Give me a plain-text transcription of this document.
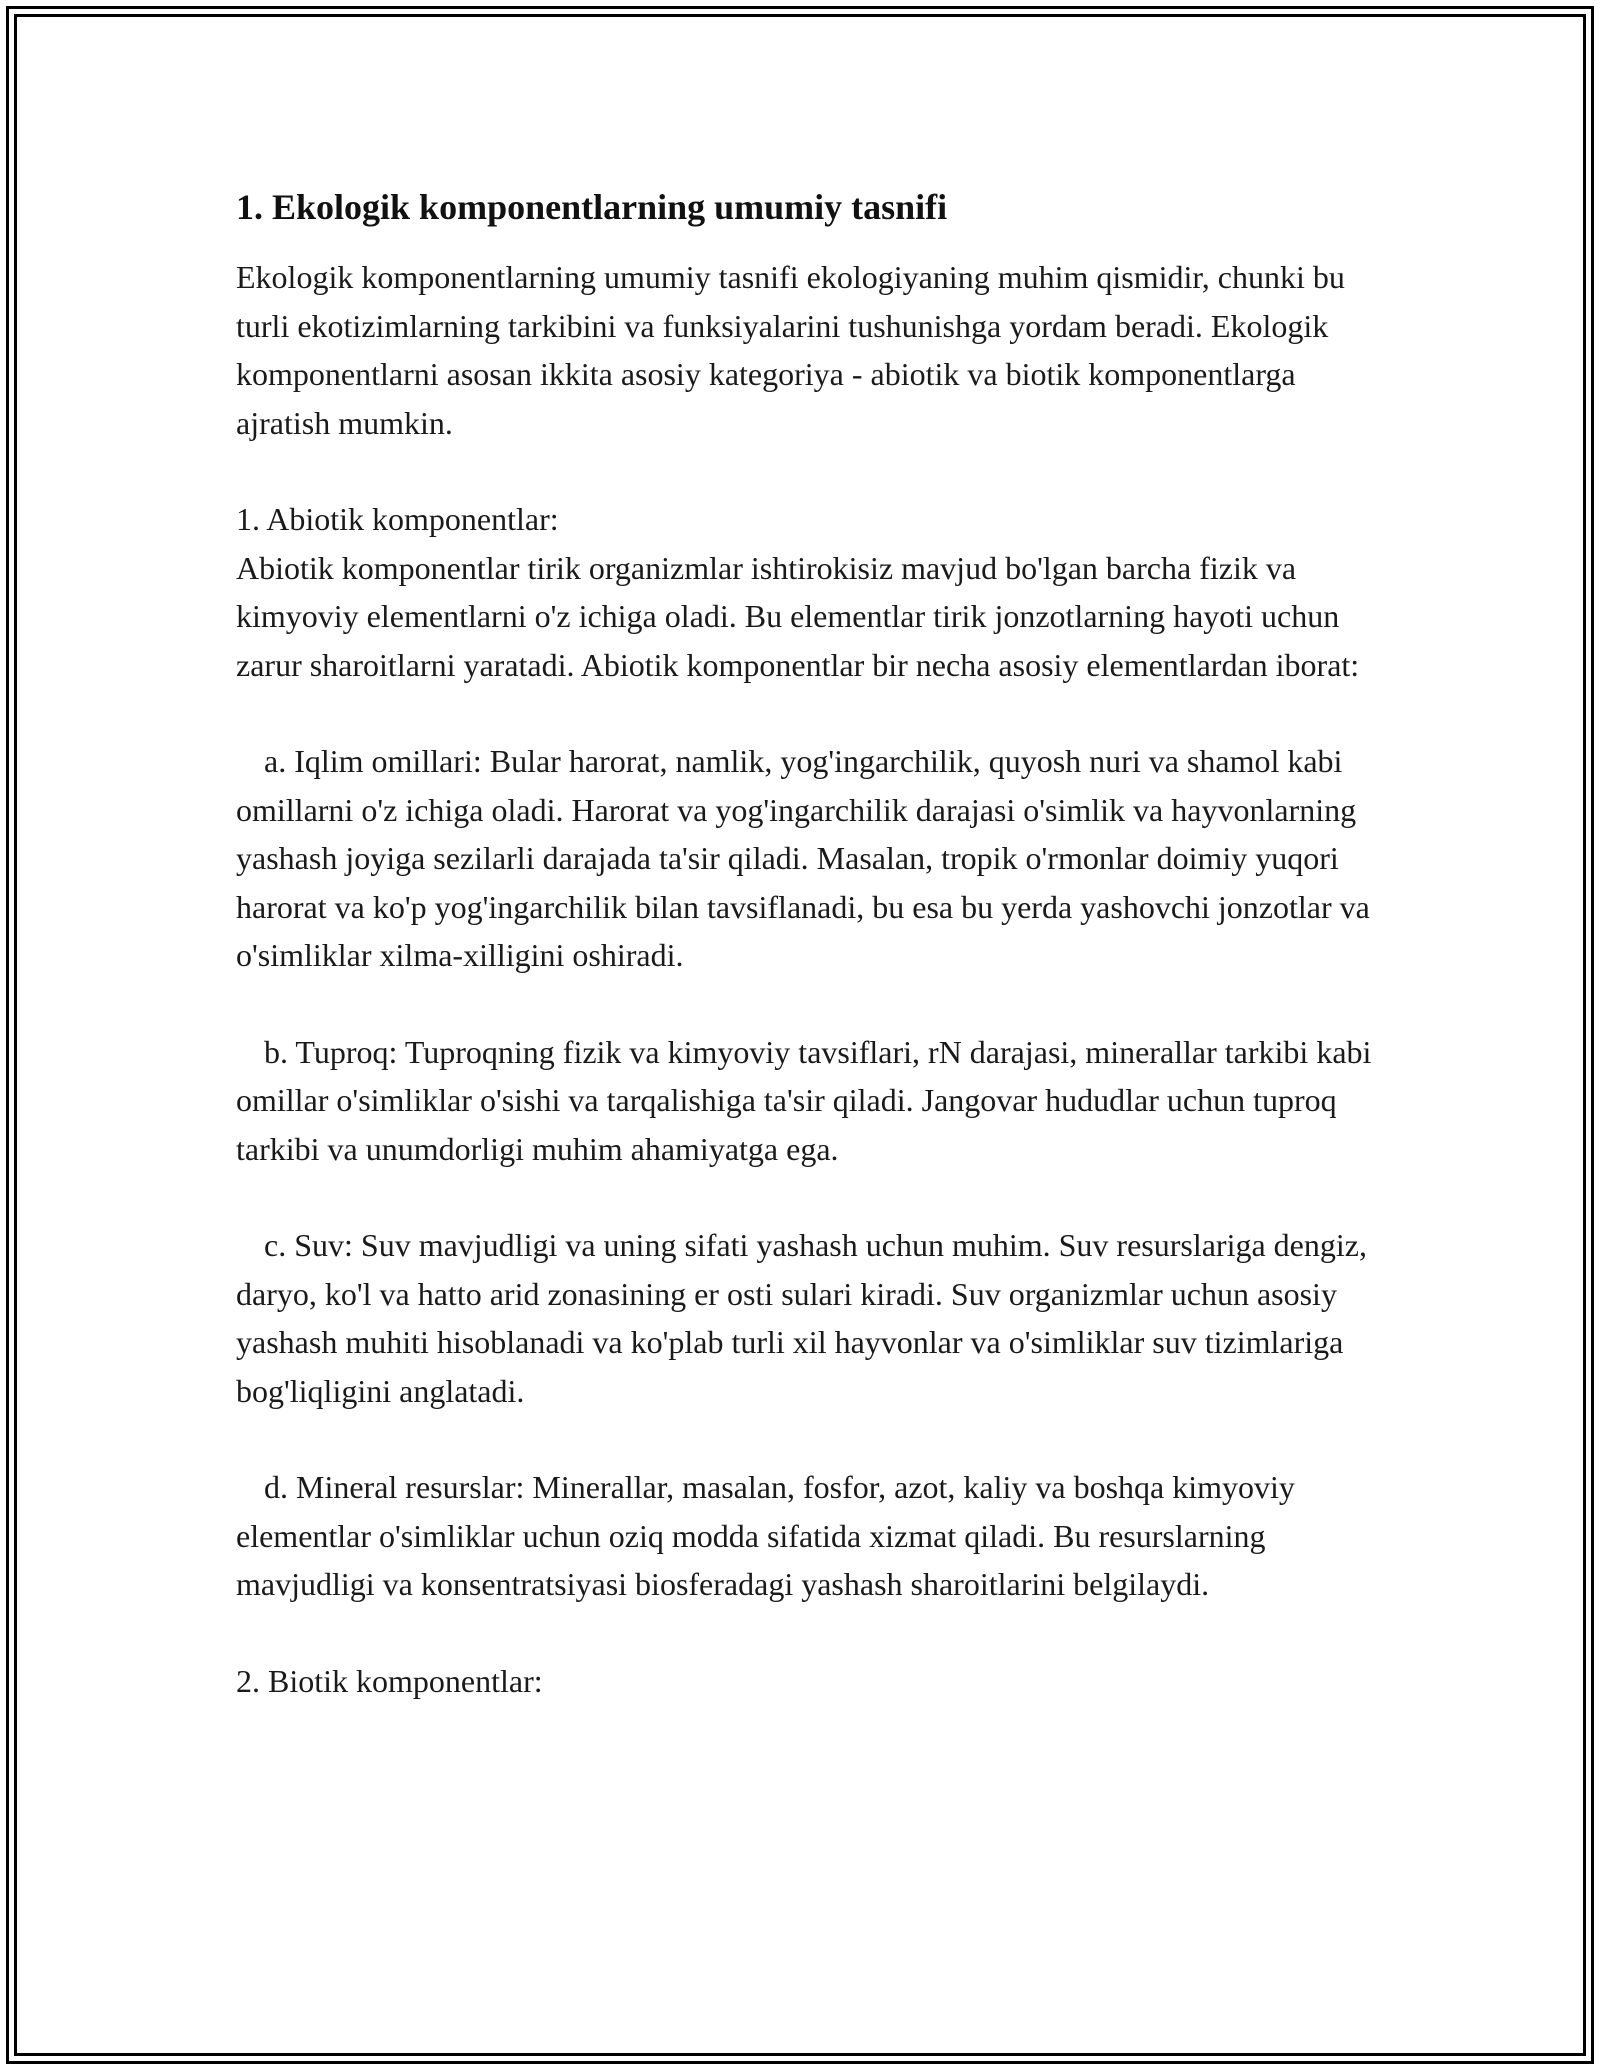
1. Ekologik komponentlarning umumiy tasnifi

Ekologik komponentlarning umumiy tasnifi ekologiyaning muhim qismidir, chunki bu turli ekotizimlarning tarkibini va funksiyalarini tushunishga yordam beradi. Ekologik komponentlarni asosan ikkita asosiy kategoriya - abiotik va biotik komponentlarga ajratish mumkin.

1. Abiotik komponentlar:
Abiotik komponentlar tirik organizmlar ishtirokisiz mavjud bo'lgan barcha fizik va kimyoviy elementlarni o'z ichiga oladi. Bu elementlar tirik jonzotlarning hayoti uchun zarur sharoitlarni yaratadi. Abiotik komponentlar bir necha asosiy elementlardan iborat:

a. Iqlim omillari: Bular harorat, namlik, yog'ingarchilik, quyosh nuri va shamol kabi omillarni o'z ichiga oladi. Harorat va yog'ingarchilik darajasi o'simlik va hayvonlarning yashash joyiga sezilarli darajada ta'sir qiladi. Masalan, tropik o'rmonlar doimiy yuqori harorat va ko'p yog'ingarchilik bilan tavsiflanadi, bu esa bu yerda yashovchi jonzotlar va o'simliklar xilma-xilligini oshiradi.

b. Tuproq: Tuproqning fizik va kimyoviy tavsiflari, rN darajasi, minerallar tarkibi kabi omillar o'simliklar o'sishi va tarqalishiga ta'sir qiladi. Jangovar hududlar uchun tuproq tarkibi va unumdorligi muhim ahamiyatga ega.

c. Suv: Suv mavjudligi va uning sifati yashash uchun muhim. Suv resurslariga dengiz, daryo, ko'l va hatto arid zonasining er osti sulari kiradi. Suv organizmlar uchun asosiy yashash muhiti hisoblanadi va ko'plab turli xil hayvonlar va o'simliklar suv tizimlariga bog'liqligini anglatadi.

d. Mineral resurslar: Minerallar, masalan, fosfor, azot, kaliy va boshqa kimyoviy elementlar o'simliklar uchun oziq modda sifatida xizmat qiladi. Bu resurslarning mavjudligi va konsentratsiyasi biosferadagi yashash sharoitlarini belgilaydi.

2. Biotik komponentlar:
